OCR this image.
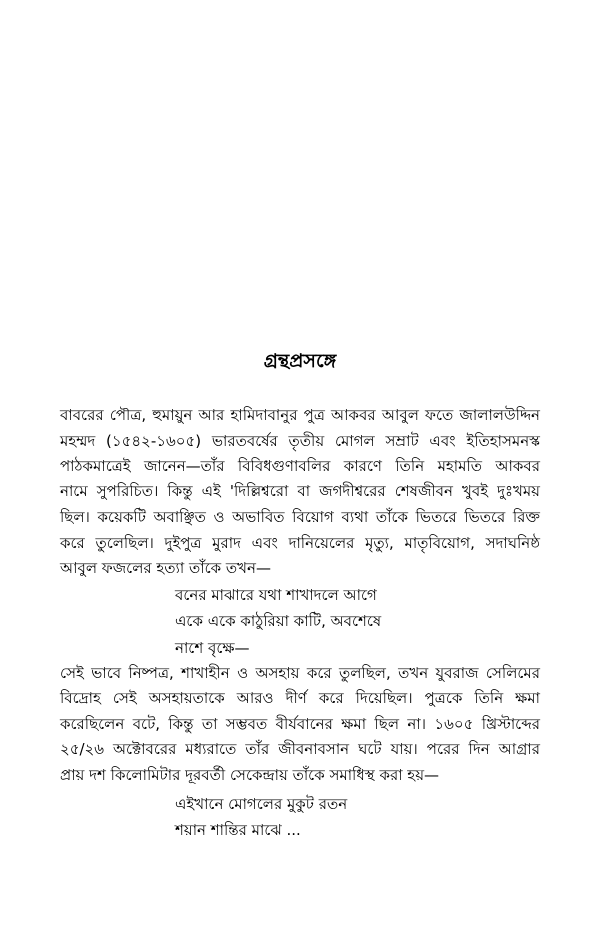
গ্রন্থপ্রসঙ্গে
বাবরের পৌত্র, হুমায়ুন আর হামিদাবানুর পুত্র আকবর আবুল ফতে জালালউদ্দিন
মহম্মদ (১৫৪২-১৬০৫) ভারতবর্ষের তৃতীয় মোগল সম্রাট এবং ইতিহাসমনস্ক
পাঠকমাত্রেই জানেন—তাঁর বিবিধগুণাবলির কারণে তিনি মহামতি আকবর
নামে সুপরিচিত। কিন্তু এই 'দিল্লিশ্বরো বা জগদীশ্বরের শেষজীবন খুবই দুঃখময়
ছিল। কয়েকটি অবাঞ্ছিত ও অভাবিত বিয়োগ ব্যথা তাঁকে ভিতরে ভিতরে রিক্ত
করে তুলেছিল। দুইপুত্র মুরাদ এবং দানিয়েলের মৃত্যু, মাতৃবিয়োগ, সদাঘনিষ্ঠ
আবুল ফজলের হত্যা তাঁকে তখন—
বনের মাঝারে যথা শাখাদলে আগে
একে একে কাঠুরিয়া কাটি, অবশেষে
নাশে বৃক্ষে—
সেই ভাবে নিষ্পত্র, শাখাহীন ও অসহায় করে তুলছিল, তখন যুবরাজ সেলিমের
বিদ্রোহ সেই অসহায়তাকে আরও দীর্ণ করে দিয়েছিল। পুত্রকে তিনি ক্ষমা
করেছিলেন বটে, কিন্তু তা সম্ভবত বীর্যবানের ক্ষমা ছিল না। ১৬০৫ খ্রিস্টাব্দের
২৫/২৬ অক্টোবরের মধ্যরাতে তাঁর জীবনাবসান ঘটে যায়। পরের দিন আগ্রার
প্রায় দশ কিলোমিটার দূরবর্তী সেকেন্দ্রায় তাঁকে সমাধিস্থ করা হয়—
এইখানে মোগলের মুকুট রতন
শয়ান শান্তির মাঝে ...
